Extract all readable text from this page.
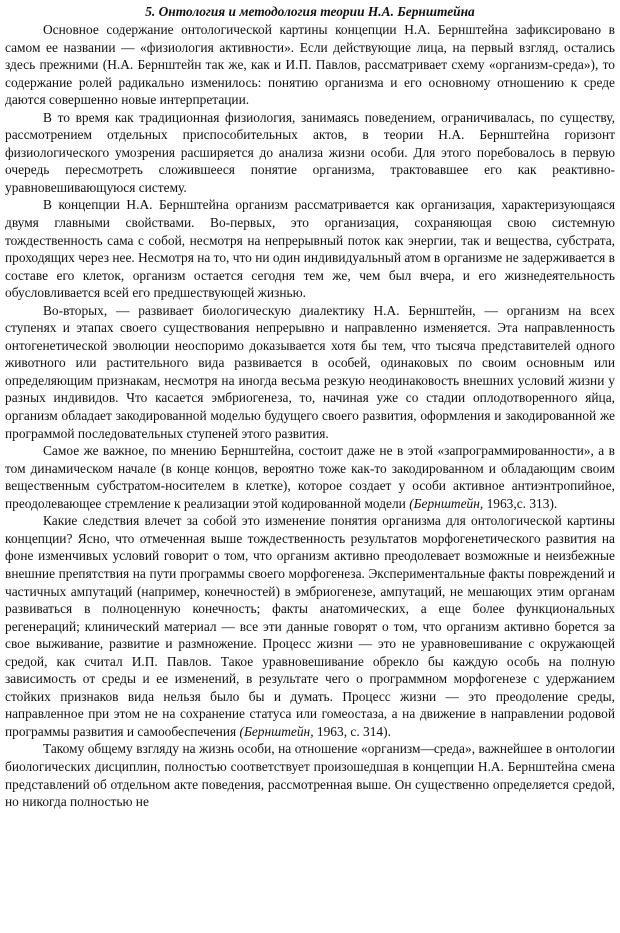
5. Онтология и методология теории Н.А. Бернштейна

Основное содержание онтологической картины концепции Н.А. Бернштейна зафиксировано в самом ее названии — «физиология активности». Если действующие лица, на первый взгляд, остались здесь прежними (Н.А. Бернштейн так же, как и И.П. Павлов, рассматривает схему «организм-среда»), то содержание ролей радикально изменилось: понятию организма и его основному отношению к среде даются совершенно новые интерпретации.

В то время как традиционная физиология, занимаясь поведением, ограничивалась, по существу, рассмотрением отдельных приспособительных актов, в теории Н.А. Бернштейна горизонт физиологического умозрения расширяется до анализа жизни особи. Для этого поребовалось в первую очередь пересмотреть сложившееся понятие организма, трактовавшее его как реактивно-уравновешивающуюся систему.

В концепции Н.А. Бернштейна организм рассматривается как организация, характеризующаяся двумя главными свойствами. Во-первых, это организация, сохраняющая свою системную тождественность сама с собой, несмотря на непрерывный поток как энергии, так и вещества, субстрата, проходящих через нее. Несмотря на то, что ни один индивидуальный атом в организме не задерживается в составе его клеток, организм остается сегодня тем же, чем был вчера, и его жизнедеятельность обусловливается всей его предшествующей жизнью.

Во-вторых, — развивает биологическую диалектику Н.А. Бернштейн, — организм на всех ступенях и этапах своего существования непрерывно и направленно изменяется. Эта направленность онтогенетической эволюции неоспоримо доказывается хотя бы тем, что тысяча представителей одного животного или растительного вида развивается в особей, одинаковых по своим основным или определяющим признакам, несмотря на иногда весьма резкую неодинаковость внешних условий жизни у разных индивидов. Что касается эмбриогенеза, то, начиная уже со стадии оплодотворенного яйца, организм обладает закодированной моделью будущего своего развития, оформления и закодированной же программой последовательных ступеней этого развития.

Самое же важное, по мнению Бернштейна, состоит даже не в этой «запрограммированности», а в том динамическом начале (в конце концов, вероятно тоже как-то закодированном и обладающим своим вещественным субстратом-носителем в клетке), которое создает у особи активное антиэнтропийное, преодолевающее стремление к реализации этой кодированной модели (Бернштейн, 1963,с. 313).

Какие следствия влечет за собой это изменение понятия организма для онтологической картины концепции? Ясно, что отмеченная выше тождественность результатов морфогенетического развития на фоне изменчивых условий говорит о том, что организм активно преодолевает возможные и неизбежные внешние препятствия на пути программы своего морфогенеза. Экспериментальные факты повреждений и частичных ампутаций (например, конечностей) в эмбриогенезе, ампутаций, не мешающих этим органам развиваться в полноценную конечность; факты анатомических, а еще более функциональных регенераций; клинический материал — все эти данные говорят о том, что организм активно борется за свое выживание, развитие и размножение. Процесс жизни — это не уравновешивание с окружающей средой, как считал И.П. Павлов. Такое уравновешивание обрекло бы каждую особь на полную зависимость от среды и ее изменений, в результате чего о программном морфогенезе с удержанием стойких признаков вида нельзя было бы и думать. Процесс жизни — это преодоление среды, направленное при этом не на сохранение статуса или гомеостаза, а на движение в направлении родовой программы развития и самообеспечения (Бернштейн, 1963, с. 314).

Такому общему взгляду на жизнь особи, на отношение «организм—среда», важнейшее в онтологии биологических дисциплин, полностью соответствует произошедшая в концепции Н.А. Бернштейна смена представлений об отдельном акте поведения, рассмотренная выше. Он существенно определяется средой, но никогда полностью не
